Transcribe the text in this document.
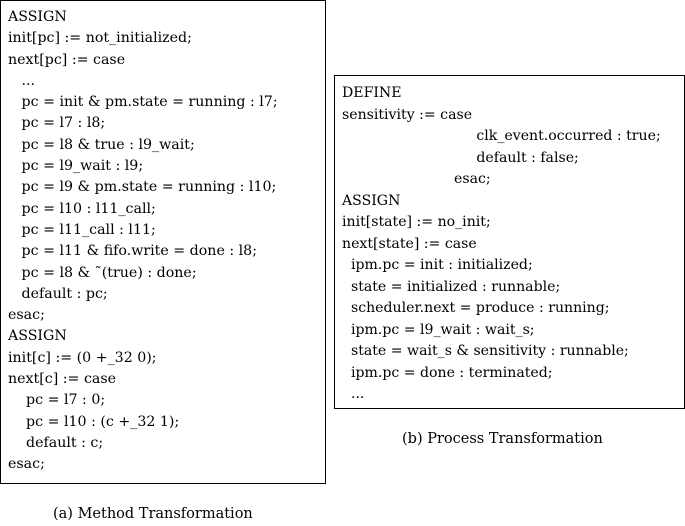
ASSIGN
init[pc] := not_initialized;
next[pc] := case
...
pc = init & pm.state = running : l7;
pc = l7 : l8;
pc = l8 & true : l9_wait;
pc = l9_wait : l9;
pc = l9 & pm.state = running : l10;
pc = l10 : l11_call;
pc = l11_call : l11;
pc = l11 & fifo.write = done : l8;
pc = l8 & ˜(true) : done;
default : pc;
esac;
ASSIGN
init[c] := (0 +_32 0);
next[c] := case
pc = l7 : 0;
pc = l10 : (c +_32 1);
default : c;
esac;
DEFINE
sensitivity := case
clk_event.occurred : true;
default : false;
esac;
ASSIGN
init[state] := no_init;
next[state] := case
ipm.pc = init : initialized;
state = initialized : runnable;
scheduler.next = produce : running;
ipm.pc = l9_wait : wait_s;
state = wait_s & sensitivity : runnable;
ipm.pc = done : terminated;
...
(b) Process Transformation
(a) Method Transformation
